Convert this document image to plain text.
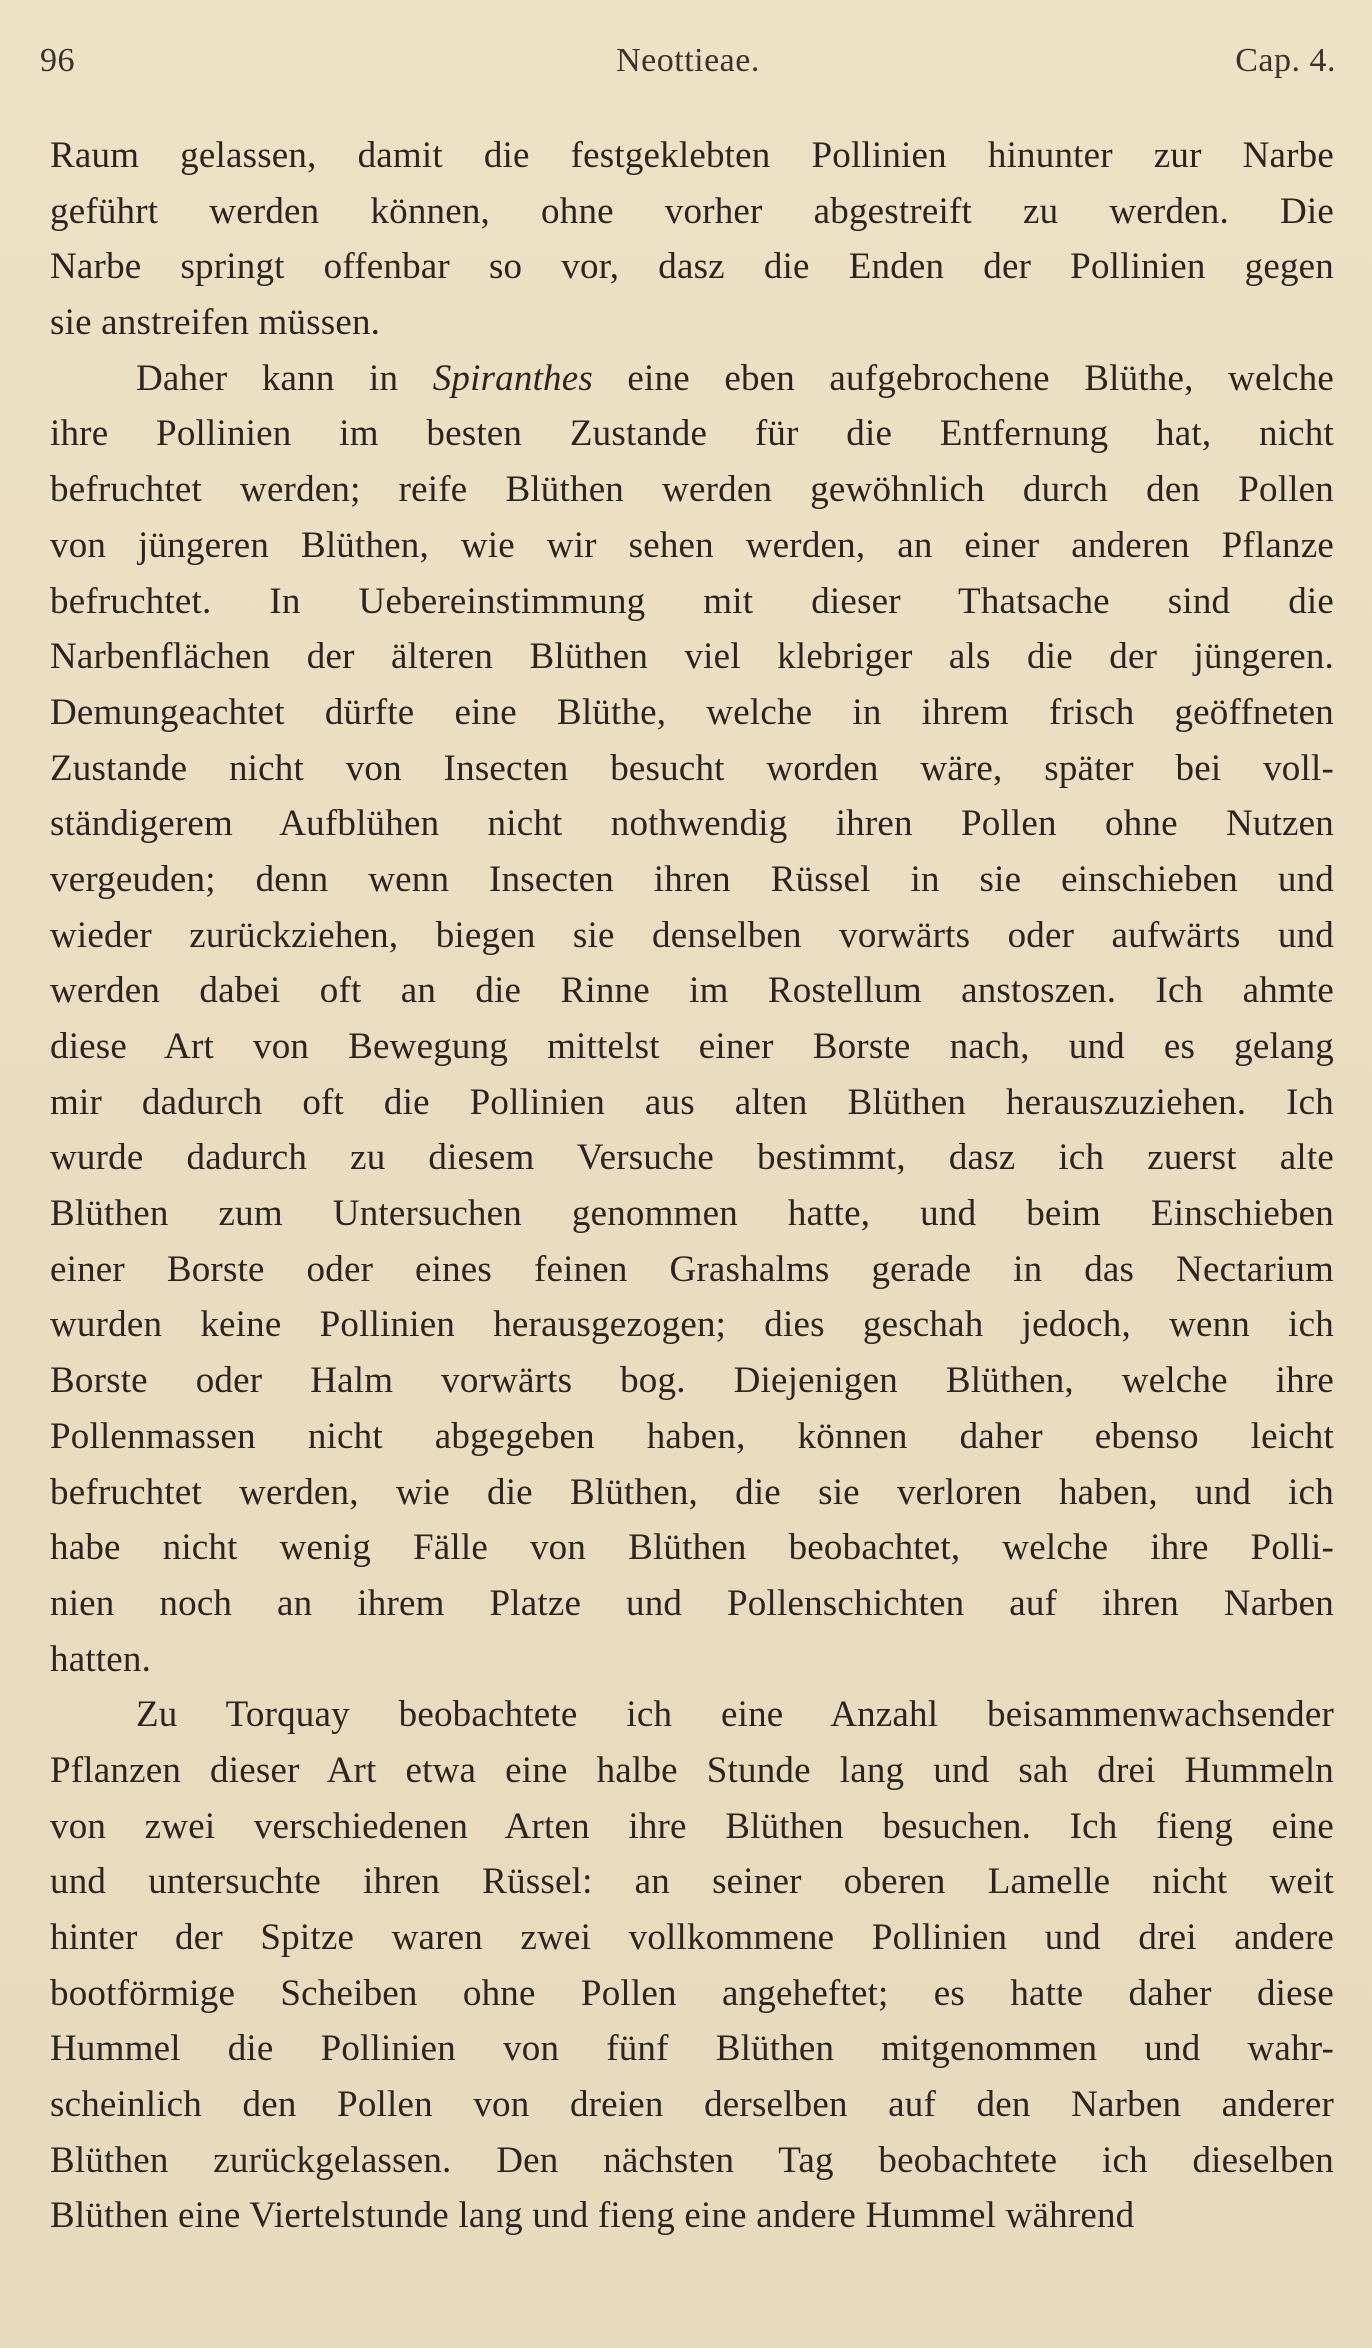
96	Neottieae.	Cap. 4.
Raum gelassen, damit die festgeklebten Pollinien hinunter zur Narbe
geführt werden können, ohne vorher abgestreift zu werden. Die
Narbe springt offenbar so vor, dasz die Enden der Pollinien gegen
sie anstreifen müssen.
Daher kann in Spiranthes eine eben aufgebrochene Blüthe, welche
ihre Pollinien im besten Zustande für die Entfernung hat, nicht
befruchtet werden; reife Blüthen werden gewöhnlich durch den Pollen
von jüngeren Blüthen, wie wir sehen werden, an einer anderen Pflanze
befruchtet. In Uebereinstimmung mit dieser Thatsache sind die
Narbenflächen der älteren Blüthen viel klebriger als die der jüngeren.
Demungeachtet dürfte eine Blüthe, welche in ihrem frisch geöffneten
Zustande nicht von Insecten besucht worden wäre, später bei voll-
ständigerem Aufblühen nicht nothwendig ihren Pollen ohne Nutzen
vergeuden; denn wenn Insecten ihren Rüssel in sie einschieben und
wieder zurückziehen, biegen sie denselben vorwärts oder aufwärts und
werden dabei oft an die Rinne im Rostellum anstoszen. Ich ahmte
diese Art von Bewegung mittelst einer Borste nach, und es gelang
mir dadurch oft die Pollinien aus alten Blüthen herauszuziehen. Ich
wurde dadurch zu diesem Versuche bestimmt, dasz ich zuerst alte
Blüthen zum Untersuchen genommen hatte, und beim Einschieben
einer Borste oder eines feinen Grashalms gerade in das Nectarium
wurden keine Pollinien herausgezogen; dies geschah jedoch, wenn ich
Borste oder Halm vorwärts bog. Diejenigen Blüthen, welche ihre
Pollenmassen nicht abgegeben haben, können daher ebenso leicht
befruchtet werden, wie die Blüthen, die sie verloren haben, und ich
habe nicht wenig Fälle von Blüthen beobachtet, welche ihre Polli-
nien noch an ihrem Platze und Pollenschichten auf ihren Narben
hatten.
Zu Torquay beobachtete ich eine Anzahl beisammenwachsender
Pflanzen dieser Art etwa eine halbe Stunde lang und sah drei Hummeln
von zwei verschiedenen Arten ihre Blüthen besuchen. Ich fieng eine
und untersuchte ihren Rüssel: an seiner oberen Lamelle nicht weit
hinter der Spitze waren zwei vollkommene Pollinien und drei andere
bootförmige Scheiben ohne Pollen angeheftet; es hatte daher diese
Hummel die Pollinien von fünf Blüthen mitgenommen und wahr-
scheinlich den Pollen von dreien derselben auf den Narben anderer
Blüthen zurückgelassen. Den nächsten Tag beobachtete ich dieselben
Blüthen eine Viertelstunde lang und fieng eine andere Hummel während
